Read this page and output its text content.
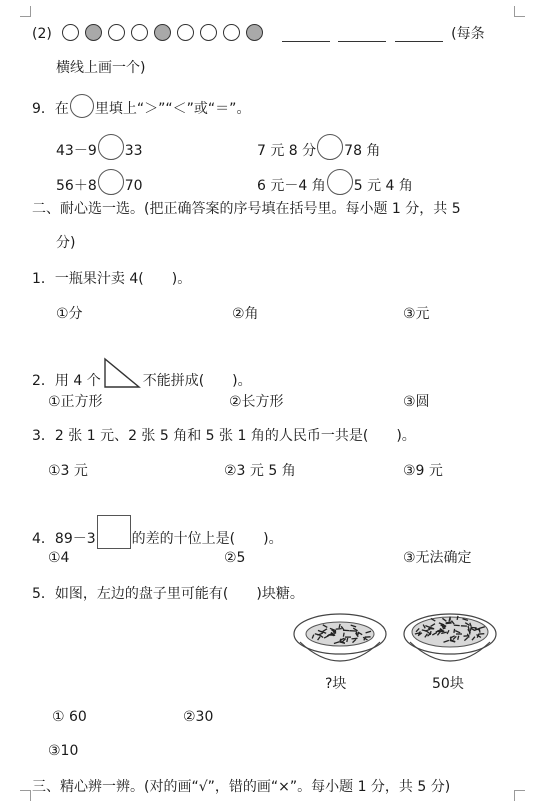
(2)	(每条
横线上画一个)
9．在 里填上“＞”“＜”或“＝”。
43－9 33	7 元 8 分 78 角
56＋8 70	6 元－4 角 5 元 4 角
二、耐心选一选。(把正确答案的序号填在括号里。每小题 1 分，共 5
分)
1．一瓶果汁卖 4(　　)。
①分	②角	③元
2．用 4 个	不能拼成(　　)。
①正方形	②长方形	③圆
3．2 张 1 元、2 张 5 角和 5 张 1 角的人民币一共是(　　)。
①3 元	②3 元 5 角	③9 元
4．89－3	的差的十位上是(　　)。
①4	②5	③无法确定
5．如图，左边的盘子里可能有(　　)块糖。
?块	50块
① 60	②30
③10
三、精心辨一辨。(对的画“√”，错的画“×”。每小题 1 分，共 5 分)
